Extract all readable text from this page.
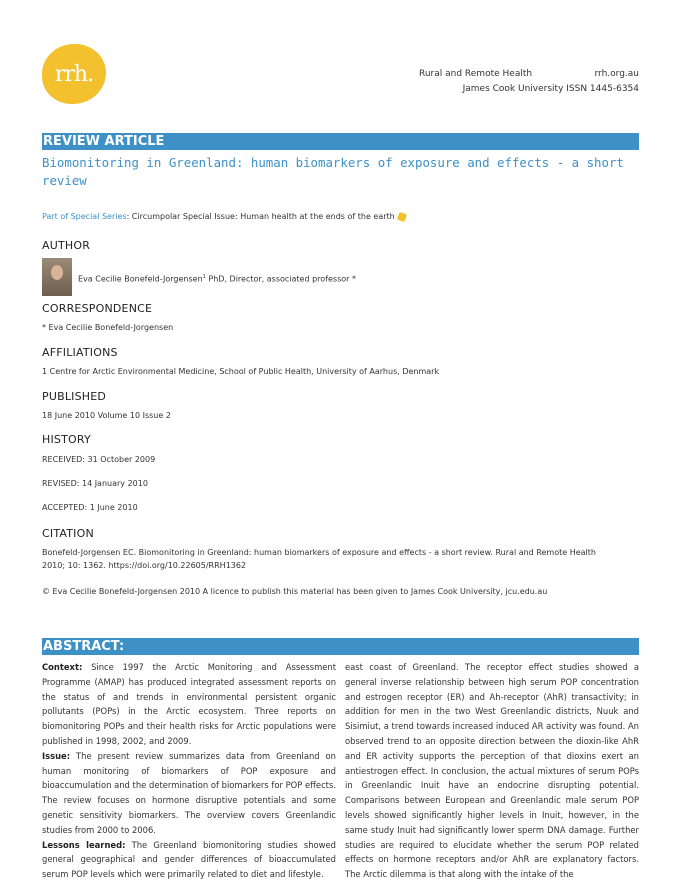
rrh.	Rural and Remote Health	rrh.org.au
James Cook University ISSN 1445-6354
REVIEW ARTICLE
Biomonitoring in Greenland: human biomarkers of exposure and effects - a short review
Part of Special Series: Circumpolar Special Issue: Human health at the ends of the earth
AUTHOR
Eva Cecilie Bonefeld-Jorgensen$^1$ PhD, Director, associated professor *
CORRESPONDENCE
* Eva Cecilie Bonefeld-Jorgensen
AFFILIATIONS
1 Centre for Arctic Environmental Medicine, School of Public Health, University of Aarhus, Denmark
PUBLISHED
18 June 2010 Volume 10 Issue 2
HISTORY
RECEIVED: 31 October 2009
REVISED: 14 January 2010
ACCEPTED: 1 June 2010
CITATION
Bonefeld-Jorgensen EC. Biomonitoring in Greenland: human biomarkers of exposure and effects - a short review. Rural and Remote Health
2010; 10: 1362. https://doi.org/10.22605/RRH1362
© Eva Cecilie Bonefeld-Jorgensen 2010 A licence to publish this material has been given to James Cook University, jcu.edu.au
ABSTRACT:
Context: Since 1997 the Arctic Monitoring and Assessment Programme (AMAP) has produced integrated assessment reports on the status of and trends in environmental persistent organic pollutants (POPs) in the Arctic ecosystem. Three reports on biomonitoring POPs and their health risks for Arctic populations were published in 1998, 2002, and 2009.
Issue: The present review summarizes data from Greenland on human monitoring of biomarkers of POP exposure and bioaccumulation and the determination of biomarkers for POP effects. The review focuses on hormone disruptive potentials and some genetic sensitivity biomarkers. The overview covers Greenlandic studies from 2000 to 2006.
Lessons learned: The Greenland biomonitoring studies showed general geographical and gender differences of bioaccumulated serum POP levels which were primarily related to diet and lifestyle.
east coast of Greenland. The receptor effect studies showed a general inverse relationship between high serum POP concentration and estrogen receptor (ER) and Ah-receptor (AhR) transactivity; in addition for men in the two West Greenlandic districts, Nuuk and Sisimiut, a trend towards increased induced AR activity was found. An observed trend to an opposite direction between the dioxin-like AhR and ER activity supports the perception of that dioxins exert an antiestrogen effect. In conclusion, the actual mixtures of serum POPs in Greenlandic Inuit have an endocrine disrupting potential. Comparisons between European and Greenlandic male serum POP levels showed significantly higher levels in Inuit, however, in the same study Inuit had significantly lower sperm DNA damage. Further studies are required to elucidate whether the serum POP related effects on hormone receptors and/or AhR are explanatory factors. The Arctic dilemma is that along with the intake of the
